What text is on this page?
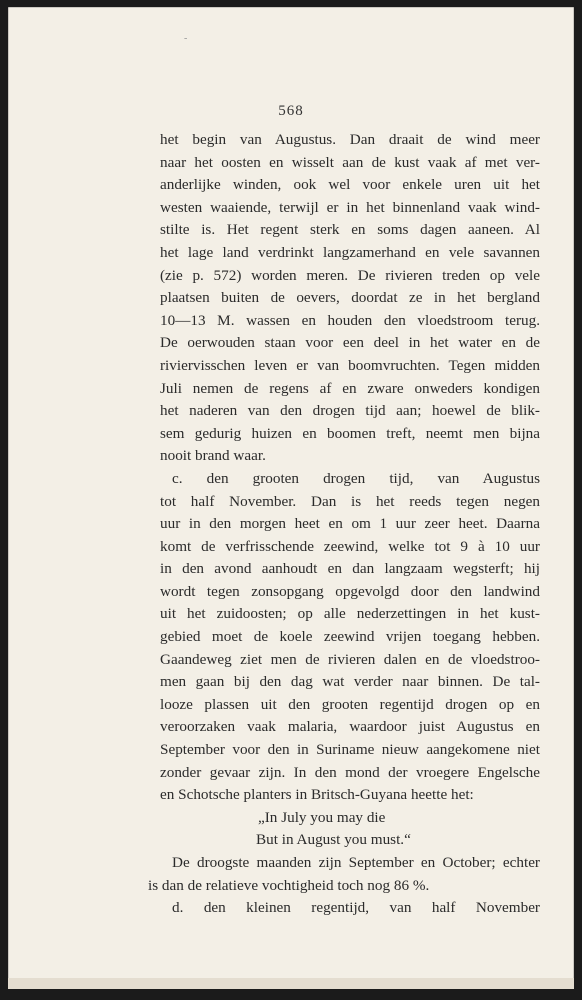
-
568
het begin van Augustus. Dan draait de wind meer
naar het oosten en wisselt aan de kust vaak af met ver-
anderlijke winden, ook wel voor enkele uren uit het
westen waaiende, terwijl er in het binnenland vaak wind-
stilte is. Het regent sterk en soms dagen aaneen. Al
het lage land verdrinkt langzamerhand en vele savannen
(zie p. 572) worden meren. De rivieren treden op vele
plaatsen buiten de oevers, doordat ze in het bergland
10—13 M. wassen en houden den vloedstroom terug.
De oerwouden staan voor een deel in het water en de
riviervisschen leven er van boomvruchten. Tegen midden
Juli nemen de regens af en zware onweders kondigen
het naderen van den drogen tijd aan; hoewel de blik-
sem gedurig huizen en boomen treft, neemt men bijna
nooit brand waar.
c. den grooten drogen tijd, van Augustus
tot half November. Dan is het reeds tegen negen
uur in den morgen heet en om 1 uur zeer heet. Daarna
komt de verfrisschende zeewind, welke tot 9 à 10 uur
in den avond aanhoudt en dan langzaam wegsterft; hij
wordt tegen zonsopgang opgevolgd door den landwind
uit het zuidoosten; op alle nederzettingen in het kust-
gebied moet de koele zeewind vrijen toegang hebben.
Gaandeweg ziet men de rivieren dalen en de vloedstroo-
men gaan bij den dag wat verder naar binnen. De tal-
looze plassen uit den grooten regentijd drogen op en
veroorzaken vaak malaria, waardoor juist Augustus en
September voor den in Suriname nieuw aangekomene niet
zonder gevaar zijn. In den mond der vroegere Engelsche
en Schotsche planters in Britsch-Guyana heette het:
„In July you may die
But in August you must.“
De droogste maanden zijn September en October; echter
is dan de relatieve vochtigheid toch nog 86 %.
d. den kleinen regentijd, van half November
